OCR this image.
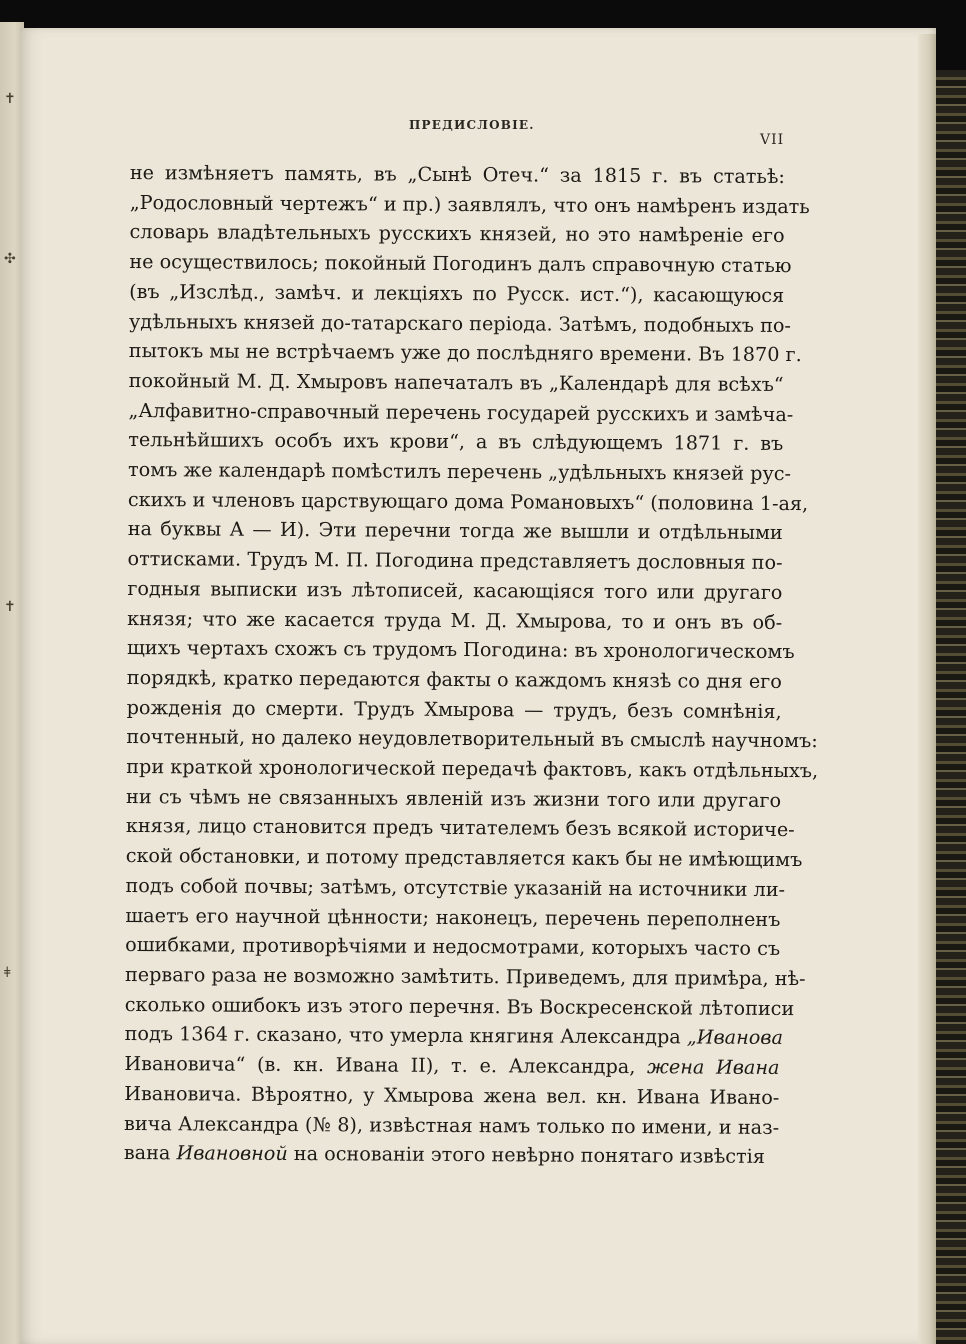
✝
✣
✝
ǂ
ПРЕДИСЛОВІЕ.
VII
не измѣняетъ память, въ „Сынѣ Отеч.“ за 1815 г. въ статьѣ:
„Родословный чертежъ“ и пр.) заявлялъ, что онъ намѣренъ издать
словарь владѣтельныхъ русскихъ князей, но это намѣреніе его
не осуществилось; покойный Погодинъ далъ справочную статью
(въ „Изслѣд., замѣч. и лекціяхъ по Русск. ист.“), касающуюся
удѣльныхъ князей до-татарскаго періода. Затѣмъ, подобныхъ по-
пытокъ мы не встрѣчаемъ уже до послѣдняго времени. Въ 1870 г.
покойный М. Д. Хмыровъ напечаталъ въ „Календарѣ для всѣхъ“
„Алфавитно-справочный перечень государей русскихъ и замѣча-
тельнѣйшихъ особъ ихъ крови“, а въ слѣдующемъ 1871 г. въ
томъ же календарѣ помѣстилъ перечень „удѣльныхъ князей рус-
скихъ и членовъ царствующаго дома Романовыхъ“ (половина 1-ая,
на буквы А — И). Эти перечни тогда же вышли и отдѣльными
оттисками. Трудъ М. П. Погодина представляетъ дословныя по-
годныя выписки изъ лѣтописей, касающіяся того или другаго
князя; что же касается труда М. Д. Хмырова, то и онъ въ об-
щихъ чертахъ схожъ съ трудомъ Погодина: въ хронологическомъ
порядкѣ, кратко передаются факты о каждомъ князѣ со дня его
рожденія до смерти. Трудъ Хмырова — трудъ, безъ сомнѣнія,
почтенный, но далеко неудовлетворительный въ смыслѣ научномъ:
при краткой хронологической передачѣ фактовъ, какъ отдѣльныхъ,
ни съ чѣмъ не связанныхъ явленій изъ жизни того или другаго
князя, лицо становится предъ читателемъ безъ всякой историче-
ской обстановки, и потому представляется какъ бы не имѣющимъ
подъ собой почвы; затѣмъ, отсутствіе указаній на источники ли-
шаетъ его научной цѣнности; наконецъ, перечень переполненъ
ошибками, противорѣчіями и недосмотрами, которыхъ часто съ
перваго раза не возможно замѣтить. Приведемъ, для примѣра, нѣ-
сколько ошибокъ изъ этого перечня. Въ Воскресенской лѣтописи
подъ 1364 г. сказано, что умерла княгиня Александра „Иванова
Ивановича“ (в. кн. Ивана II), т. е. Александра, жена Ивана
Ивановича. Вѣроятно, у Хмырова жена вел. кн. Ивана Ивано-
вича Александра (№ 8), извѣстная намъ только по имени, и наз-
вана Ивановной на основаніи этого невѣрно понятаго извѣстія
